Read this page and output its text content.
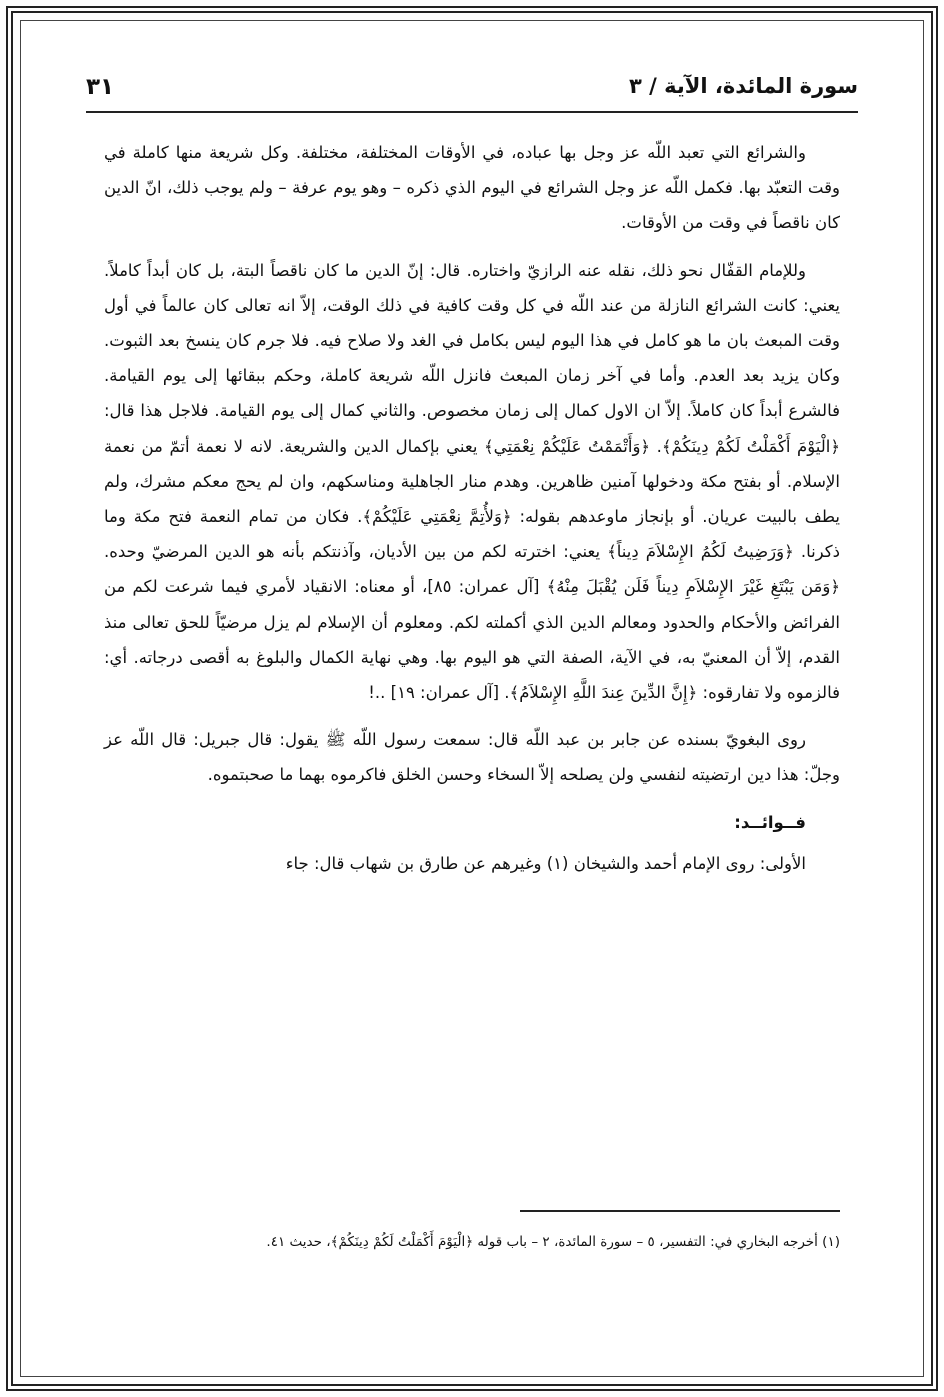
سورة المائدة، الآية / ٣
٣١

والشرائع التي تعبد اللّه عز وجل بها عباده، في الأوقات المختلفة، مختلفة. وكل شريعة منها كاملة في وقت التعبّد بها. فكمل اللّه عز وجل الشرائع في اليوم الذي ذكره – وهو يوم عرفة – ولم يوجب ذلك، انّ الدين كان ناقصاً في وقت من الأوقات.

وللإمام القفّال نحو ذلك، نقله عنه الرازيّ واختاره. قال: إنّ الدين ما كان ناقصاً البتة، بل كان أبداً كاملاً. يعني: كانت الشرائع النازلة من عند اللّه في كل وقت كافية في ذلك الوقت، إلاّ انه تعالى كان عالماً في أول وقت المبعث بان ما هو كامل في هذا اليوم ليس بكامل في الغد ولا صلاح فيه. فلا جرم كان ينسخ بعد الثبوت. وكان يزيد بعد العدم. وأما في آخر زمان المبعث فانزل اللّه شريعة كاملة، وحكم ببقائها إلى يوم القيامة. فالشرع أبداً كان كاملاً. إلاّ ان الاول كمال إلى زمان مخصوص. والثاني كمال إلى يوم القيامة. فلاجل هذا قال: ﴿الْيَوْمَ أَكْمَلْتُ لَكُمْ دِينَكُمْ﴾. ﴿وَأَتْمَمْتُ عَلَيْكُمْ نِعْمَتِي﴾ يعني بإكمال الدين والشريعة. لانه لا نعمة أتمّ من نعمة الإسلام. أو بفتح مكة ودخولها آمنين ظاهرين. وهدم منار الجاهلية ومناسكهم، وان لم يحج معكم مشرك، ولم يطف بالبيت عريان. أو بإنجاز ماوعدهم بقوله: ﴿وَلأُتِمَّ نِعْمَتِي عَلَيْكُمْ﴾. فكان من تمام النعمة فتح مكة وما ذكرنا. ﴿وَرَضِيتُ لَكُمُ الإِسْلاَمَ دِيناً﴾ يعني: اخترته لكم من بين الأديان، وآذنتكم بأنه هو الدين المرضيّ وحده. ﴿وَمَن يَبْتَغِ غَيْرَ الإِسْلاَمِ دِيناً فَلَن يُقْبَلَ مِنْهُ﴾ [آل عمران: ٨٥]، أو معناه: الانقياد لأمري فيما شرعت لكم من الفرائض والأحكام والحدود ومعالم الدين الذي أكملته لكم. ومعلوم أن الإسلام لم يزل مرضيّاً للحق تعالى منذ القدم، إلاّ أن المعنيّ به، في الآية، الصفة التي هو اليوم بها. وهي نهاية الكمال والبلوغ به أقصى درجاته. أي: فالزموه ولا تفارقوه: ﴿إِنَّ الدِّينَ عِندَ اللَّهِ الإِسْلاَمُ﴾. [آل عمران: ١٩] ..!

روى البغويّ بسنده عن جابر بن عبد اللّه قال: سمعت رسول اللّه ﷺ يقول: قال جبريل: قال اللّه عز وجلّ: هذا دين ارتضيته لنفسي ولن يصلحه إلاّ السخاء وحسن الخلق فاكرموه بهما ما صحبتموه.

فــوائــد:

الأولى: روى الإمام أحمد والشيخان (١) وغيرهم عن طارق بن شهاب قال: جاء

(١) أخرجه البخاري في: التفسير، ٥ – سورة المائدة، ٢ – باب قوله ﴿الْيَوْمَ أَكْمَلْتُ لَكُمْ دِينَكُمْ﴾، حديث ٤١.
